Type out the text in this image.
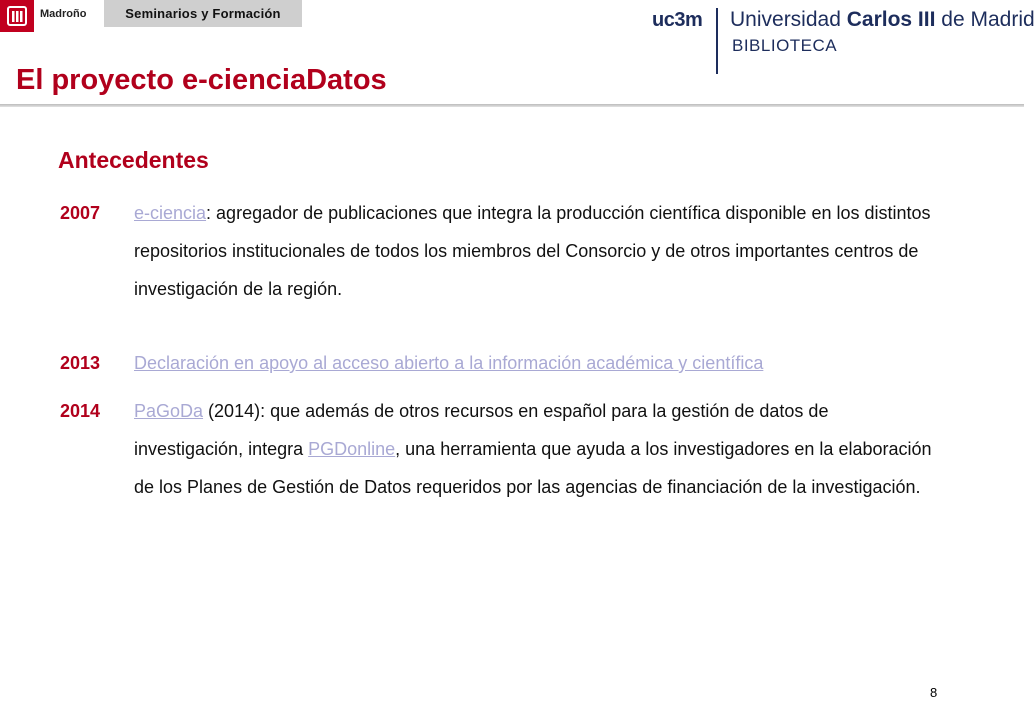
Madroño	Seminarios y Formación	uc3m Universidad Carlos III de Madrid
BIBLIOTECA
El proyecto e-cienciaDatos
Antecedentes
2007	e-ciencia: agregador de publicaciones que integra la producción científica disponible en los distintos repositorios institucionales de todos los miembros del Consorcio y de otros importantes centros de investigación de la región.
2013	Declaración en apoyo al acceso abierto a la información académica y científica
2014	PaGoDa (2014): que además de otros recursos en español para la gestión de datos de investigación, integra PGDonline, una herramienta que ayuda a los investigadores en la elaboración de los Planes de Gestión de Datos requeridos por las agencias de financiación de la investigación.
8
